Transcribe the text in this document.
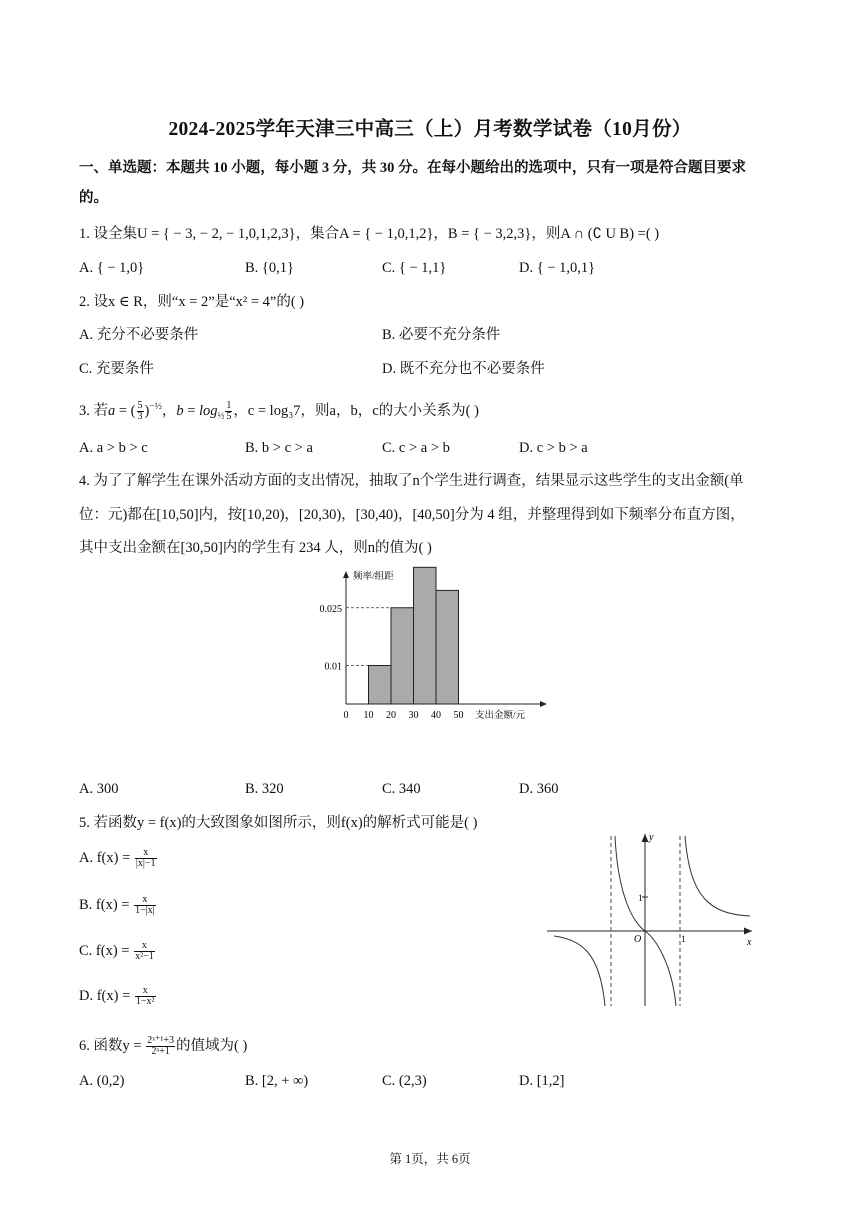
2024-2025学年天津三中高三（上）月考数学试卷（10月份）
一、单选题：本题共 10 小题，每小题 3 分，共 30 分。在每小题给出的选项中，只有一项是符合题目要求
的。
1. 设全集U = { − 3, − 2, − 1,0,1,2,3}，集合A = { − 1,0,1,2}，B = { − 3,2,3}，则A ∩ (∁ U B) =( )
A. { − 1,0}	B. {0,1}	C. { − 1,1}	D. { − 1,0,1}
2. 设x ∈ R，则“x = 2”是“x² = 4”的( )
A. 充分不必要条件	B. 必要不充分条件
C. 充要条件	D. 既不充分也不必要条件
3. 若a = ( $\frac{5}{3} )^{-\frac{1}{2}}$，$b = \log_{\frac{1}{2}} \frac{1}{5}$ ，c = log₃7，则a，b，c的大小关系为( )
A. a > b > c	B. b > c > a	C. c > a > b	D. c > b > a
4. 为了了解学生在课外活动方面的支出情况，抽取了n个学生进行调查，结果显示这些学生的支出金额(单
位：元)都在[10,50]内，按[10,20)，[20,30)，[30,40)，[40,50]分为 4 组，并整理得到如下频率分布直方图，
其中支出金额在[30,50]内的学生有 234 人，则n的值为( )
0.01
0.025
0 10 20 30 40 50
频率/组距
支出金额/元
A. 300	B. 320	C. 340	D. 360
5. 若函数y = f(x)的大致图象如图所示，则f(x)的解析式可能是( )
A. $f(x) = \frac{x}{|x|-1}$
B. $f(x) = \frac{x}{1-|x|}$
C. $f(x) = \frac{x}{\text{x²−1}}$
D. $f(x) = \frac{x}{\text{1−x²}}$
y
x
O	1
1
6. 函数$y = \frac{\text{2ˣ⁺¹+3}}{\text{2ˣ+1}}$ 的值域为( )
A. (0,2)	B. [2, + ∞)	C. (2,3)	D. [1,2]
第 1页，共 6页
